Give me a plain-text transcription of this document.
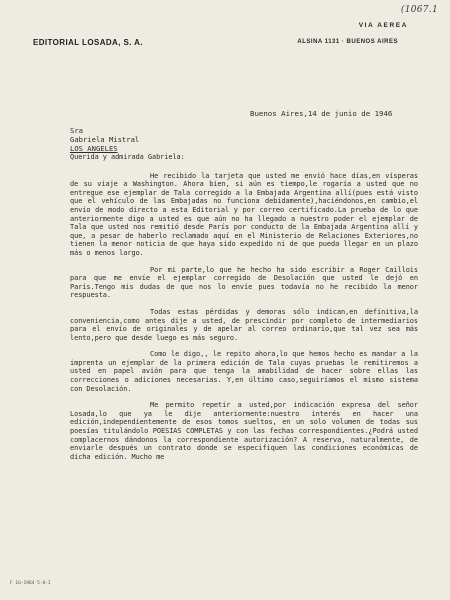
(1067.1
VIA AEREA
EDITORIAL LOSADA, S. A.	ALSINA 1131 · BUENOS AIRES
Buenos Aires,14 de junio de 1946
Sra
Gabriela Mistral
LOS ANGELES

Querida y admirada Gabriela:

He recibido la tarjeta que usted me envió hace días,en vísperas de su viaje a Washington. Ahora bien, si aún es tiempo,le rogaría a usted que no entregue ese ejemplar de Tala corregido a la Embajada Argentina allí(pues está visto que el vehículo de las Embajadas no funciona debidamente),haciéndonos,en cambio,el envío de modo directo a esta Editorial y por correo certificado.La prueba de lo que anteriormente digo a usted es que aún no ha llegado a nuestro poder el ejemplar de Tala que usted nos remitió desde París por conducto de la Embajada Argentina allí y que, a pesar de haberlo reclamado aquí en el Ministerio de Relaciones Exteriores,no tienen la menor noticia de que haya sido expedido ni de que pueda llegar en un plazo más o menos largo.

Por mi parte,lo que he hecho ha sido escribir a Roger Caillois para que me envíe el ejemplar corregido de Desolación que usted le dejó en París.Tengo mis dudas de que nos lo envíe pues todavía no he recibido la menor respuesta.

Todas estas pérdidas y demoras sólo indican,en definitiva,la conveniencia,como antes dije a usted, de prescindir por completo de intermediarios para el envío de originales y de apelar al correo ordinario,que tal vez sea más lento,pero que desde luego es más seguro.

Como le digo,, le repito ahora,lo que hemos hecho es mandar a la imprenta un ejemplar de la primera edición de Tala cuyas pruebas le remitiremos a usted en papel avión para que tenga la amabilidad de hacer sobre ellas las correcciones o adiciones necesarias. Y,en último caso,seguiríamos el mismo sistema con Desolación.

Me permito repetir a usted,por indicación expresa del señor Losada,lo que ya le dije anteriormente:nuestro interés en hacer una edición,independientemente de esos tomos sueltos, en un solo volumen de todas sus poesías titulándolo POESIAS COMPLETAS y con las fechas correspondientes.¿Podrá usted complacernos dándonos la correspondiente autorización? A reserva, naturalmente, de enviarle después un contrato donde se especifiquen las condiciones económicas de dicha edición. Mucho me

F 1G-1964 5-8-I
